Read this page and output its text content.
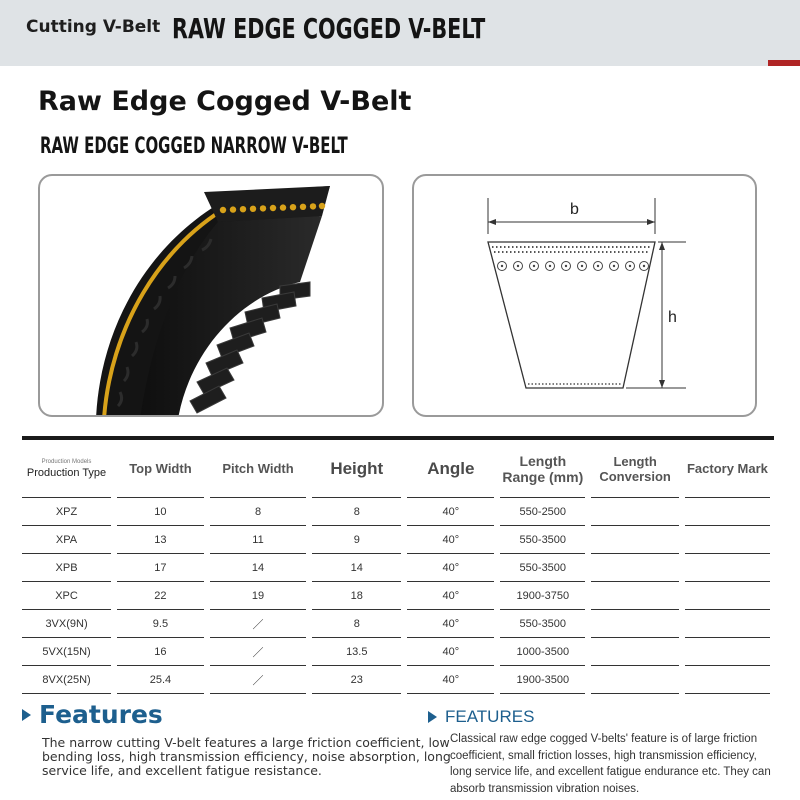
Cutting V-Belt RAW EDGE COGGED V-BELT
Raw Edge Cogged V-Belt
RAW EDGE COGGED NARROW V-BELT
b
h
Production Models
Production Type	Top Width	Pitch Width	Height	Angle	Length Range (mm)	Length Conversion	Factory Mark
XPZ	10	8	8	40°	550-2500		
XPA	13	11	9	40°	550-3500		
XPB	17	14	14	40°	550-3500		
XPC	22	19	18	40°	1900-3750		
3VX(9N)	9.5	／	8	40°	550-3500		
5VX(15N)	16	／	13.5	40°	1000-3500		
8VX(25N)	25.4	／	23	40°	1900-3500		
Features

The narrow cutting V-belt features a large friction coefficient, low bending loss, high transmission efficiency, noise absorption, long service life, and excellent fatigue resistance.

FEATURES

Classical raw edge cogged V-belts' feature is of large friction coefficient, small friction losses, high transmission efficiency, long service life, and excellent fatigue endurance etc. They can absorb transmission vibration noises.
